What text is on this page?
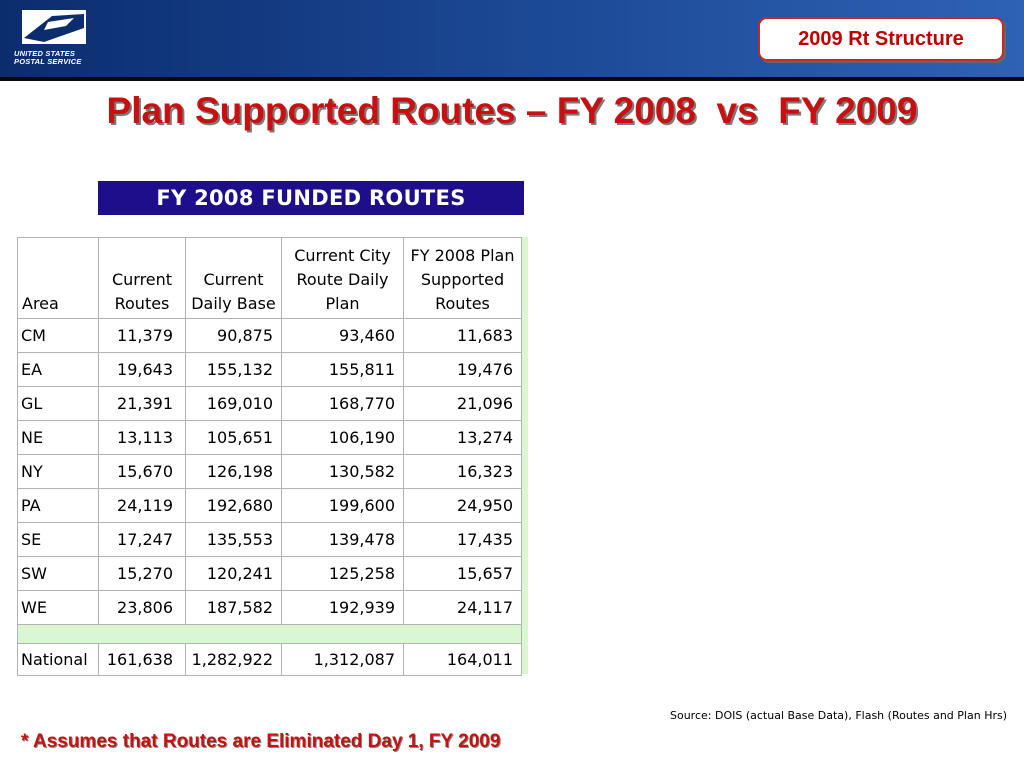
UNITED STATES POSTAL SERVICE
2009 Rt Structure
Plan Supported Routes – FY 2008  vs  FY 2009
FY 2008 FUNDED ROUTES
Area	Current Routes	Current Daily Base	Current City Route Daily Plan	FY 2008 Plan Supported Routes
CM	11,379	90,875	93,460	11,683
EA	19,643	155,132	155,811	19,476
GL	21,391	169,010	168,770	21,096
NE	13,113	105,651	106,190	13,274
NY	15,670	126,198	130,582	16,323
PA	24,119	192,680	199,600	24,950
SE	17,247	135,553	139,478	17,435
SW	15,270	120,241	125,258	15,657
WE	23,806	187,582	192,939	24,117

National	161,638	1,282,922	1,312,087	164,011
Source: DOIS (actual Base Data), Flash (Routes and Plan Hrs)
* Assumes that Routes are Eliminated Day 1, FY 2009
